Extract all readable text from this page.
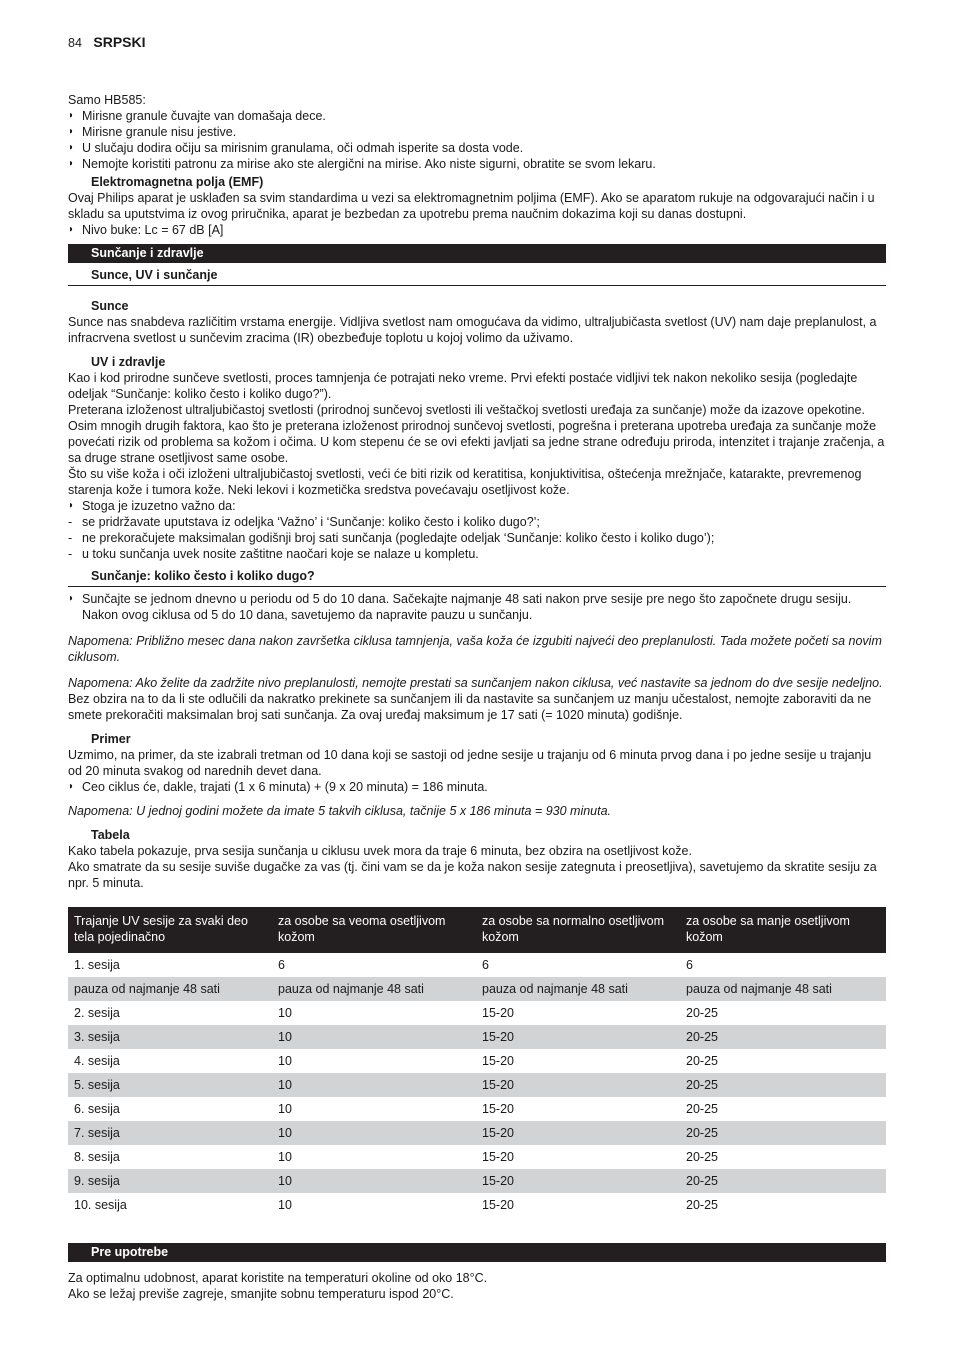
84 SRPSKI

Samo HB585:

◗ Mirisne granule čuvajte van domašaja dece.

◗ Mirisne granule nisu jestive.

◗ U slučaju dodira očiju sa mirisnim granulama, oči odmah isperite sa dosta vode.

◗ Nemojte koristiti patronu za mirise ako ste alergični na mirise. Ako niste sigurni, obratite se svom lekaru.

Elektromagnetna polja (EMF)

Ovaj Philips aparat je usklađen sa svim standardima u vezi sa elektromagnetnim poljima (EMF). Ako se aparatom rukuje na odgovarajući način i u skladu sa uputstvima iz ovog priručnika, aparat je bezbedan za upotrebu prema naučnim dokazima koji su danas dostupni.

◗ Nivo buke: Lc = 67 dB [A]

Sunčanje i zdravlje

Sunce, UV i sunčanje

Sunce

Sunce nas snabdeva različitim vrstama energije. Vidljiva svetlost nam omogućava da vidimo, ultraljubičasta svetlost (UV) nam daje preplanulost, a infracrvena svetlost u sunčevim zracima (IR) obezbeđuje toplotu u kojoj volimo da uživamo.

UV i zdravlje

Kao i kod prirodne sunčeve svetlosti, proces tamnjenja će potrajati neko vreme. Prvi efekti postaće vidljivi tek nakon nekoliko sesija (pogledajte odeljak “Sunčanje: koliko često i koliko dugo?”).

Preterana izloženost ultraljubičastoj svetlosti (prirodnoj sunčevoj svetlosti ili veštačkoj svetlosti uređaja za sunčanje) može da izazove opekotine. Osim mnogih drugih faktora, kao što je preterana izloženost prirodnoj sunčevoj svetlosti, pogrešna i preterana upotreba uređaja za sunčanje može povećati rizik od problema sa kožom i očima. U kom stepenu će se ovi efekti javljati sa jedne strane određuju priroda, intenzitet i trajanje zračenja, a sa druge strane osetljivost same osobe.

Što su više koža i oči izloženi ultraljubičastoj svetlosti, veći će biti rizik od keratitisa, konjuktivitisa, oštećenja mrežnjače, katarakte, prevremenog starenja kože i tumora kože. Neki lekovi i kozmetička sredstva povećavaju osetljivost kože.

◗ Stoga je izuzetno važno da:

- se pridržavate uputstava iz odeljka ‘Važno’ i ‘Sunčanje: koliko često i koliko dugo?’;

- ne prekoračujete maksimalan godišnji broj sati sunčanja (pogledajte odeljak ‘Sunčanje: koliko često i koliko dugo’);

- u toku sunčanja uvek nosite zaštitne naočari koje se nalaze u kompletu.

Sunčanje: koliko često i koliko dugo?

◗ Sunčajte se jednom dnevno u periodu od 5 do 10 dana. Sačekajte najmanje 48 sati nakon prve sesije pre nego što započnete drugu sesiju. Nakon ovog ciklusa od 5 do 10 dana, savetujemo da napravite pauzu u sunčanju.

Napomena: Približno mesec dana nakon završetka ciklusa tamnjenja, vaša koža će izgubiti najveći deo preplanulosti. Tada možete početi sa novim ciklusom.

Napomena: Ako želite da zadržite nivo preplanulosti, nemojte prestati sa sunčanjem nakon ciklusa, već nastavite sa jednom do dve sesije nedeljno.

Bez obzira na to da li ste odlučili da nakratko prekinete sa sunčanjem ili da nastavite sa sunčanjem uz manju učestalost, nemojte zaboraviti da ne smete prekoračiti maksimalan broj sati sunčanja. Za ovaj uređaj maksimum je 17 sati (= 1020 minuta) godišnje.

Primer

Uzmimo, na primer, da ste izabrali tretman od 10 dana koji se sastoji od jedne sesije u trajanju od 6 minuta prvog dana i po jedne sesije u trajanju od 20 minuta svakog od narednih devet dana.

◗ Ceo ciklus će, dakle, trajati (1 x 6 minuta) + (9 x 20 minuta) = 186 minuta.

Napomena: U jednoj godini možete da imate 5 takvih ciklusa, tačnije 5 x 186 minuta = 930 minuta.

Tabela

Kako tabela pokazuje, prva sesija sunčanja u ciklusu uvek mora da traje 6 minuta, bez obzira na osetljivost kože.

Ako smatrate da su sesije suviše dugačke za vas (tj. čini vam se da je koža nakon sesije zategnuta i preosetljiva), savetujemo da skratite sesiju za npr. 5 minuta.

Trajanje UV sesije za svaki deo tela pojedinačno	za osobe sa veoma osetljivom kožom	za osobe sa normalno osetljivom kožom	za osobe sa manje osetljivom kožom
1. sesija	6	6	6
pauza od najmanje 48 sati	pauza od najmanje 48 sati	pauza od najmanje 48 sati	pauza od najmanje 48 sati
2. sesija	10	15-20	20-25
3. sesija	10	15-20	20-25
4. sesija	10	15-20	20-25
5. sesija	10	15-20	20-25
6. sesija	10	15-20	20-25
7. sesija	10	15-20	20-25
8. sesija	10	15-20	20-25
9. sesija	10	15-20	20-25
10. sesija	10	15-20	20-25
Pre upotrebe

Za optimalnu udobnost, aparat koristite na temperaturi okoline od oko 18°C.

Ako se ležaj previše zagreje, smanjite sobnu temperaturu ispod 20°C.
